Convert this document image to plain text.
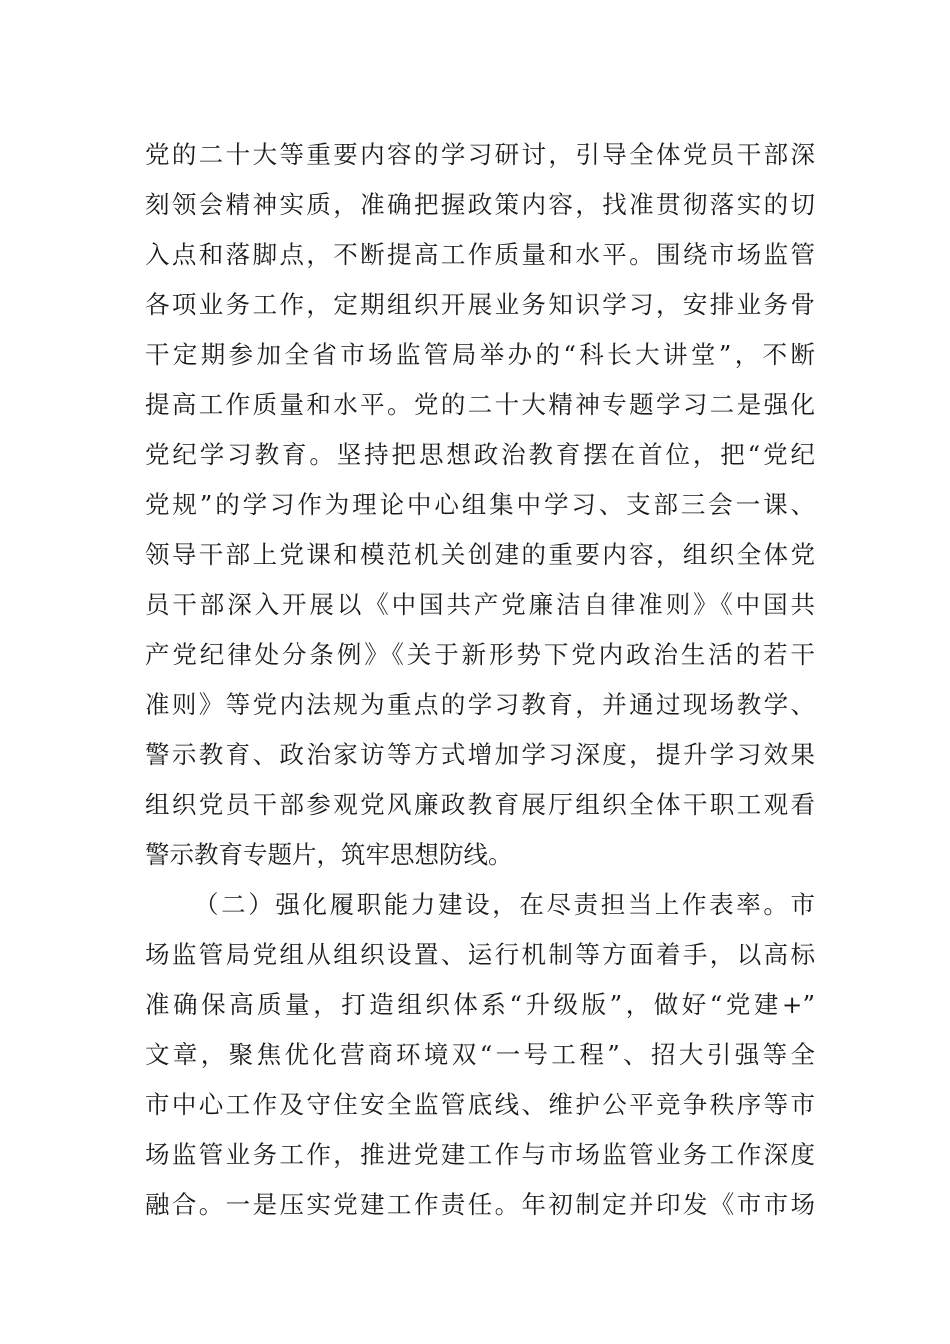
党的二十大等重要内容的学习研讨，引导全体党员干部深
刻领会精神实质，准确把握政策内容，找准贯彻落实的切
入点和落脚点，不断提高工作质量和水平。围绕市场监管
各项业务工作，定期组织开展业务知识学习，安排业务骨
干定期参加全省市场监管局举办的“科长大讲堂”，不断
提高工作质量和水平。党的二十大精神专题学习二是强化
党纪学习教育。坚持把思想政治教育摆在首位，把“党纪
党规”的学习作为理论中心组集中学习、支部三会一课、
领导干部上党课和模范机关创建的重要内容，组织全体党
员干部深入开展以《中国共产党廉洁自律准则》《中国共
产党纪律处分条例》《关于新形势下党内政治生活的若干
准则》等党内法规为重点的学习教育，并通过现场教学、
警示教育、政治家访等方式增加学习深度，提升学习效果
组织党员干部参观党风廉政教育展厅组织全体干职工观看
警示教育专题片，筑牢思想防线。
（二）强化履职能力建设，在尽责担当上作表率。市
场监管局党组从组织设置、运行机制等方面着手，以高标
准确保高质量，打造组织体系“升级版”，做好“党建+”
文章，聚焦优化营商环境双“一号工程”、招大引强等全
市中心工作及守住安全监管底线、维护公平竞争秩序等市
场监管业务工作，推进党建工作与市场监管业务工作深度
融合。一是压实党建工作责任。年初制定并印发《市市场
